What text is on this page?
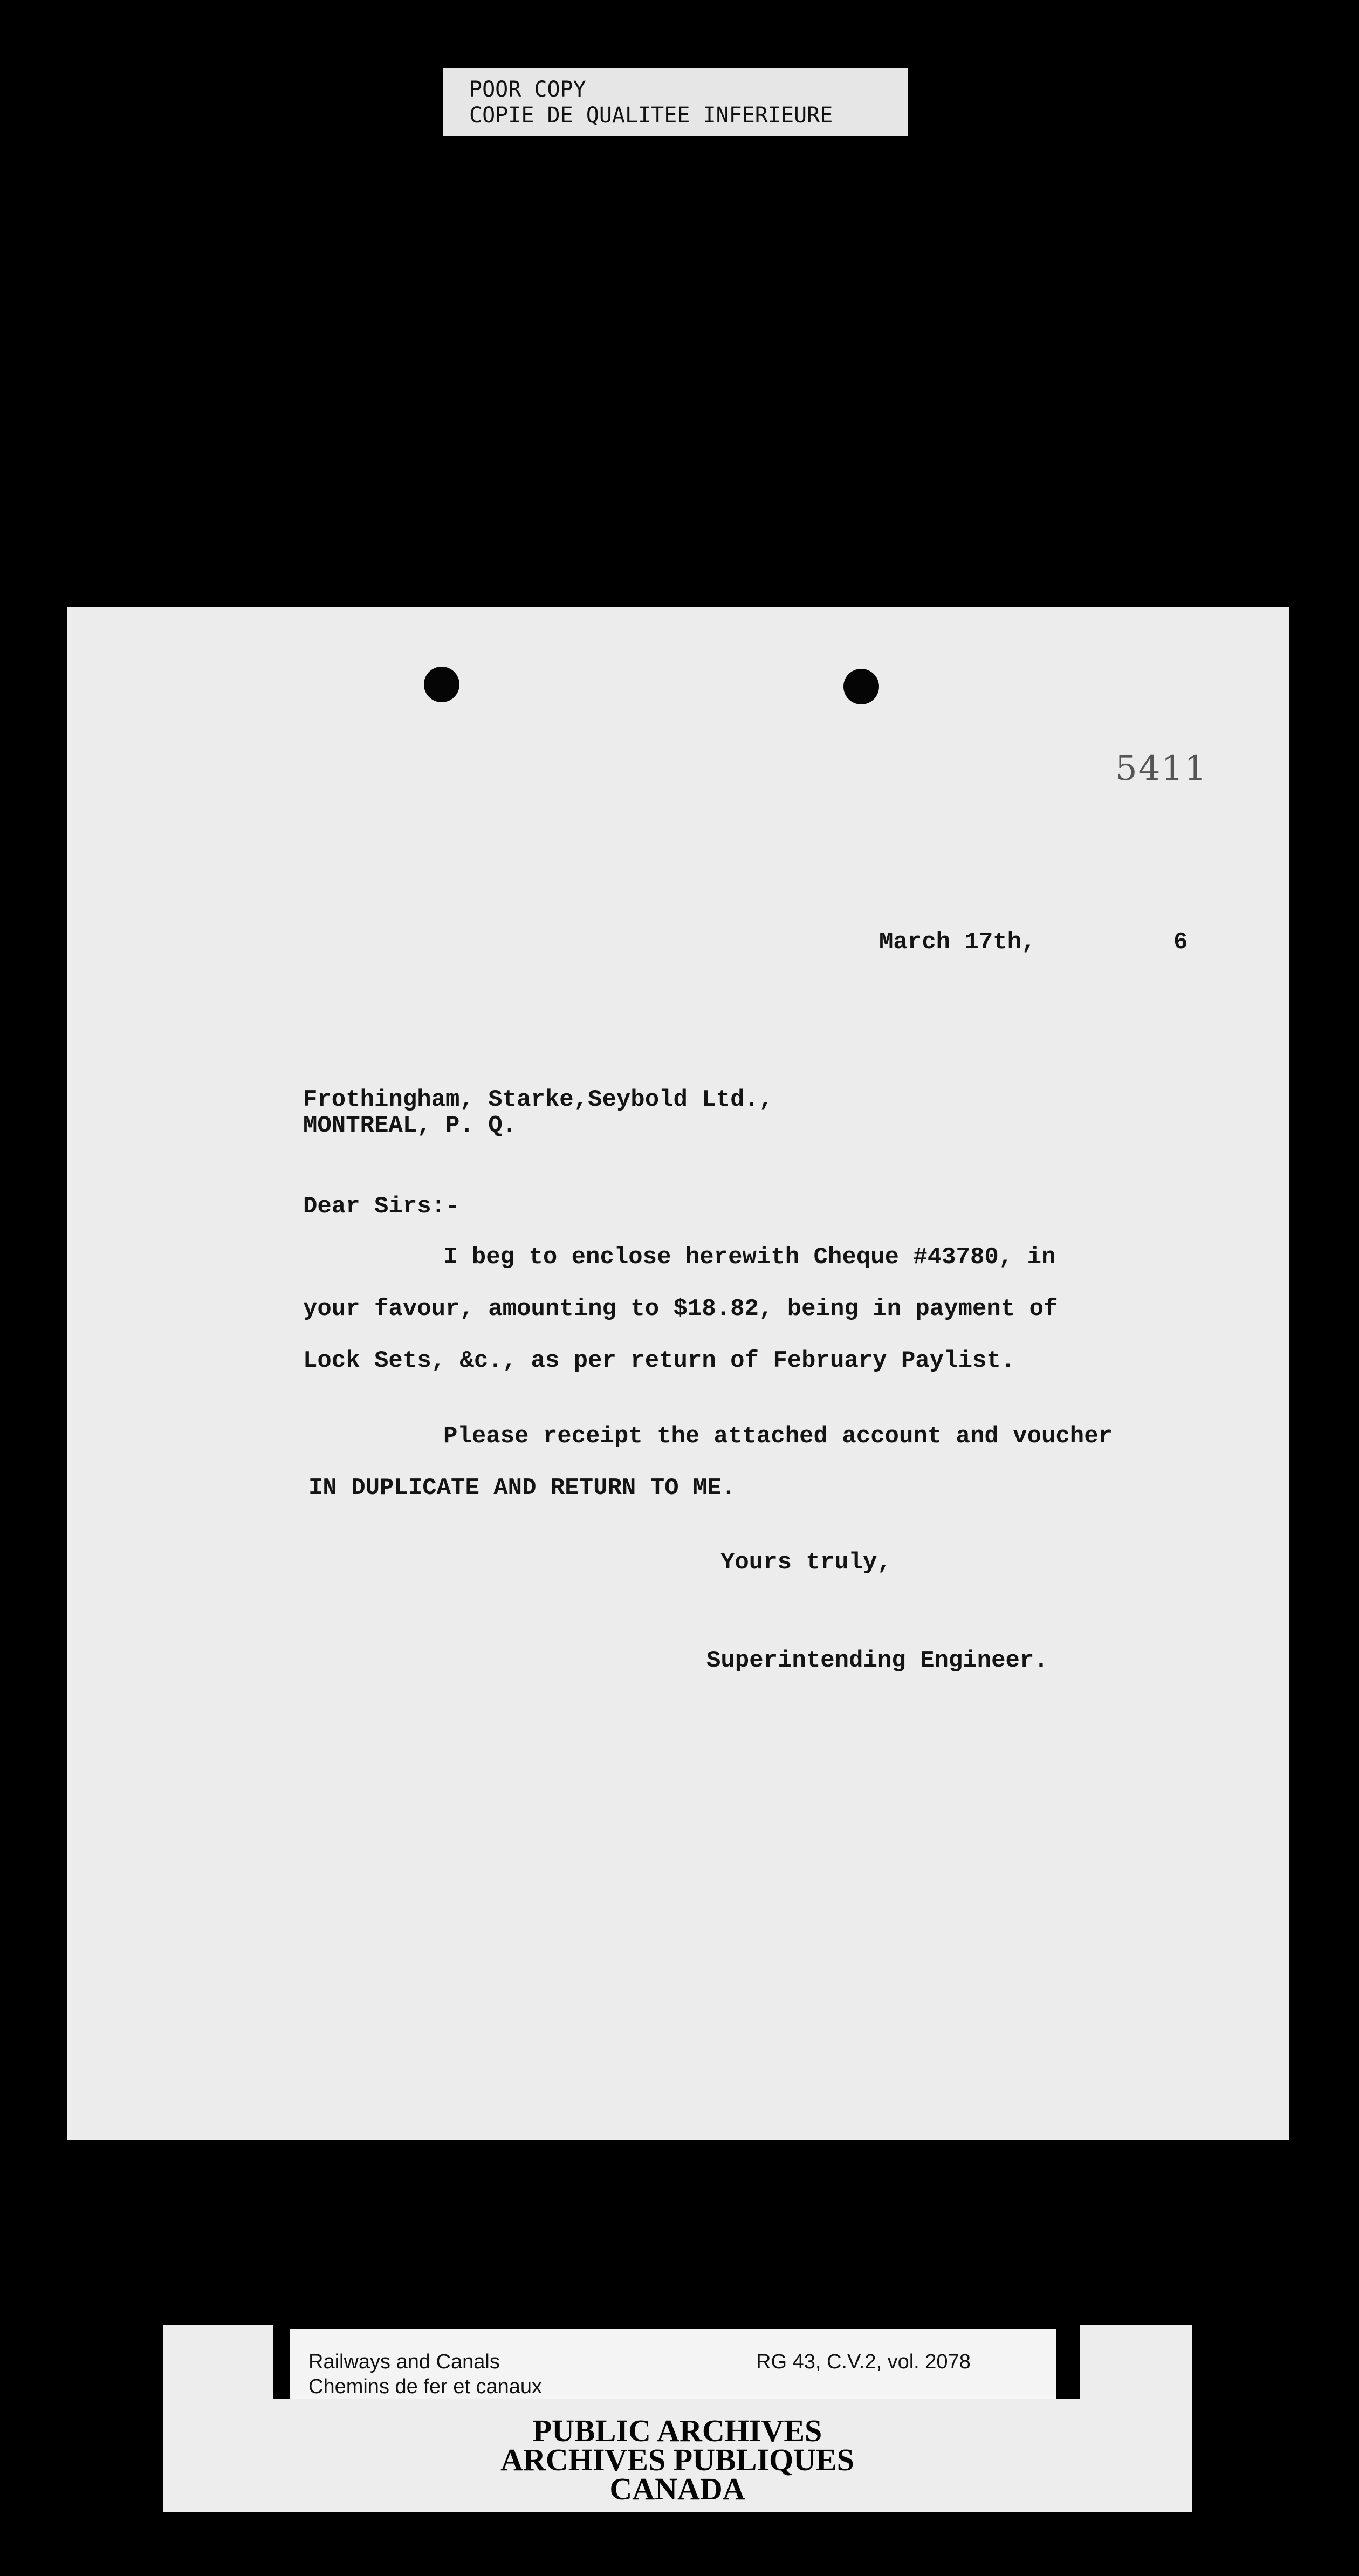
POOR COPY
COPIE DE QUALITEE INFERIEURE
5411
March 17th,	6
Frothingham, Starke,Seybold Ltd.,
MONTREAL, P. Q.
Dear Sirs:-
I beg to enclose herewith Cheque #43780, in
your favour, amounting to $18.82, being in payment of
Lock Sets, &c., as per return of February Paylist.
Please receipt the attached account and voucher
IN DUPLICATE AND RETURN TO ME.
Yours truly,
Superintending Engineer.
Railways and Canals
Chemins de fer et canaux
RG 43, C.V.2, vol. 2078
PUBLIC ARCHIVES
ARCHIVES PUBLIQUES
CANADA
